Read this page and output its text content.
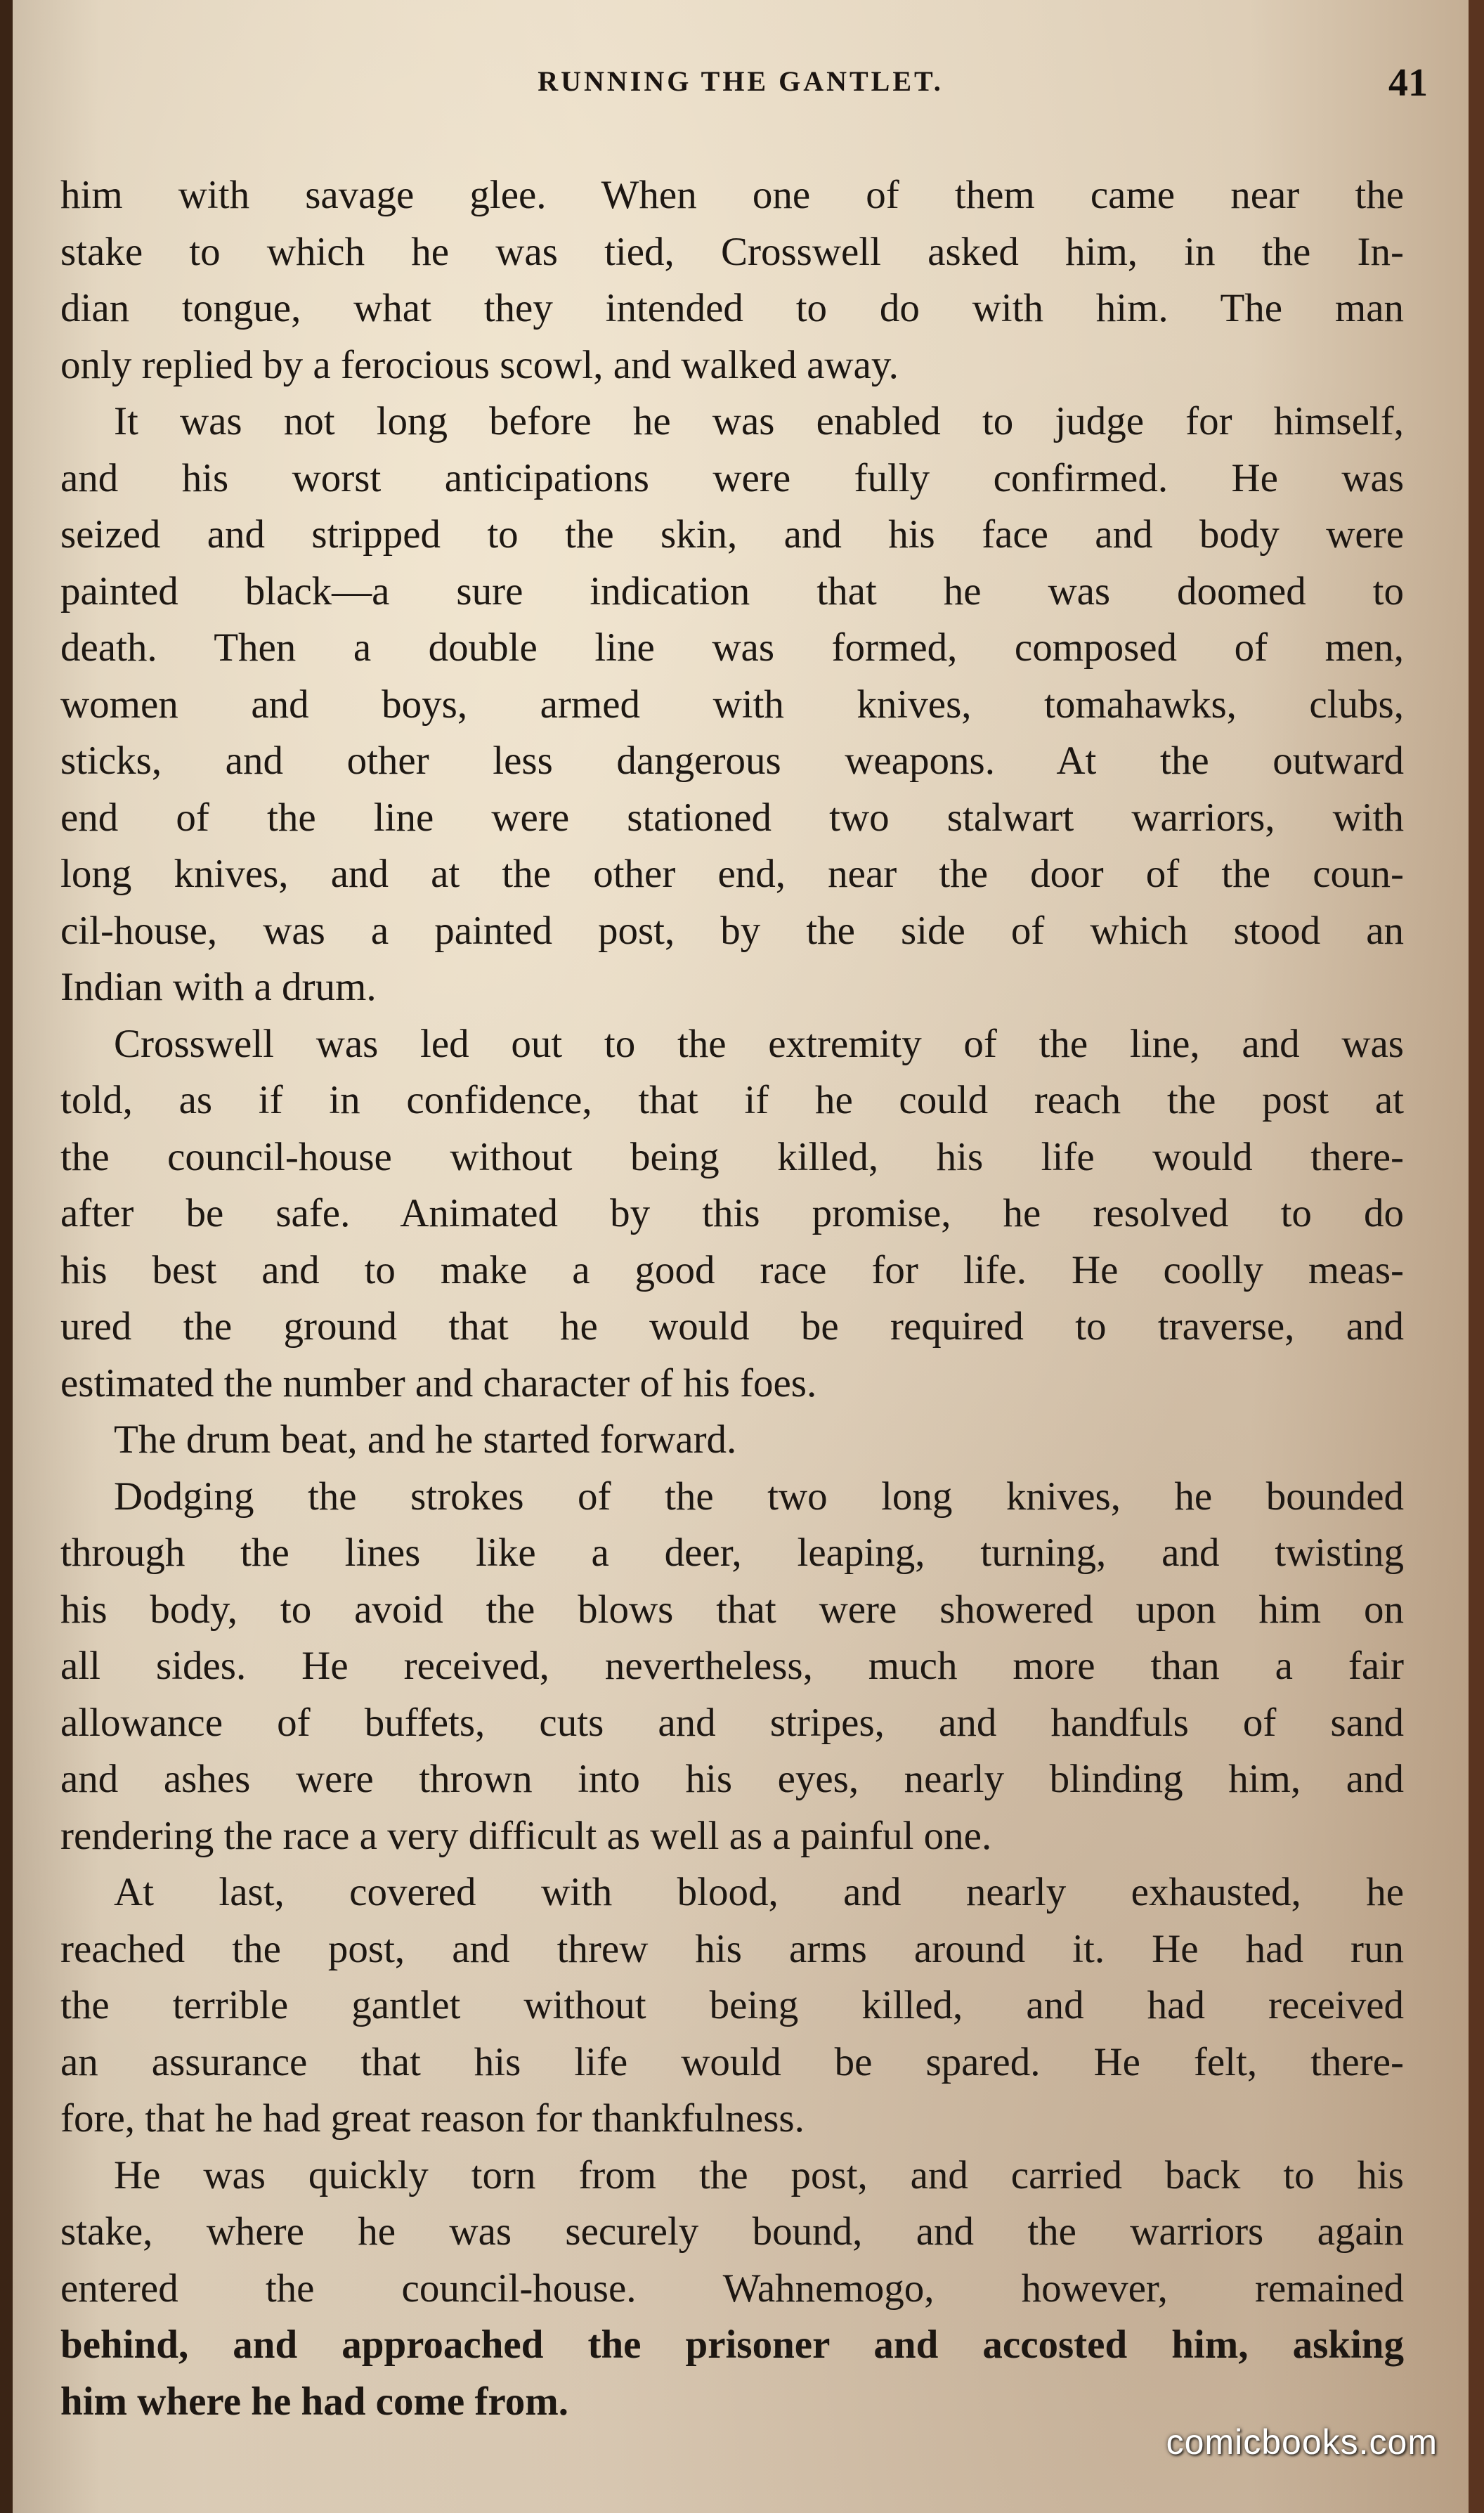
RUNNING THE GANTLET.	41
him with savage glee. When one of them came near the
stake to which he was tied, Crosswell asked him, in the In-
dian tongue, what they intended to do with him. The man
only replied by a ferocious scowl, and walked away.
It was not long before he was enabled to judge for himself,
and his worst anticipations were fully confirmed. He was
seized and stripped to the skin, and his face and body were
painted black—a sure indication that he was doomed to
death. Then a double line was formed, composed of men,
women and boys, armed with knives, tomahawks, clubs,
sticks, and other less dangerous weapons. At the outward
end of the line were stationed two stalwart warriors, with
long knives, and at the other end, near the door of the coun-
cil-house, was a painted post, by the side of which stood an
Indian with a drum.
Crosswell was led out to the extremity of the line, and was
told, as if in confidence, that if he could reach the post at
the council-house without being killed, his life would there-
after be safe. Animated by this promise, he resolved to do
his best and to make a good race for life. He coolly meas-
ured the ground that he would be required to traverse, and
estimated the number and character of his foes.
The drum beat, and he started forward.
Dodging the strokes of the two long knives, he bounded
through the lines like a deer, leaping, turning, and twisting
his body, to avoid the blows that were showered upon him on
all sides. He received, nevertheless, much more than a fair
allowance of buffets, cuts and stripes, and handfuls of sand
and ashes were thrown into his eyes, nearly blinding him, and
rendering the race a very difficult as well as a painful one.
At last, covered with blood, and nearly exhausted, he
reached the post, and threw his arms around it. He had run
the terrible gantlet without being killed, and had received
an assurance that his life would be spared. He felt, there-
fore, that he had great reason for thankfulness.
He was quickly torn from the post, and carried back to his
stake, where he was securely bound, and the warriors again
entered the council-house. Wahnemogo, however, remained
behind, and approached the prisoner and accosted him, asking
him where he had come from.
comicbooks.com
